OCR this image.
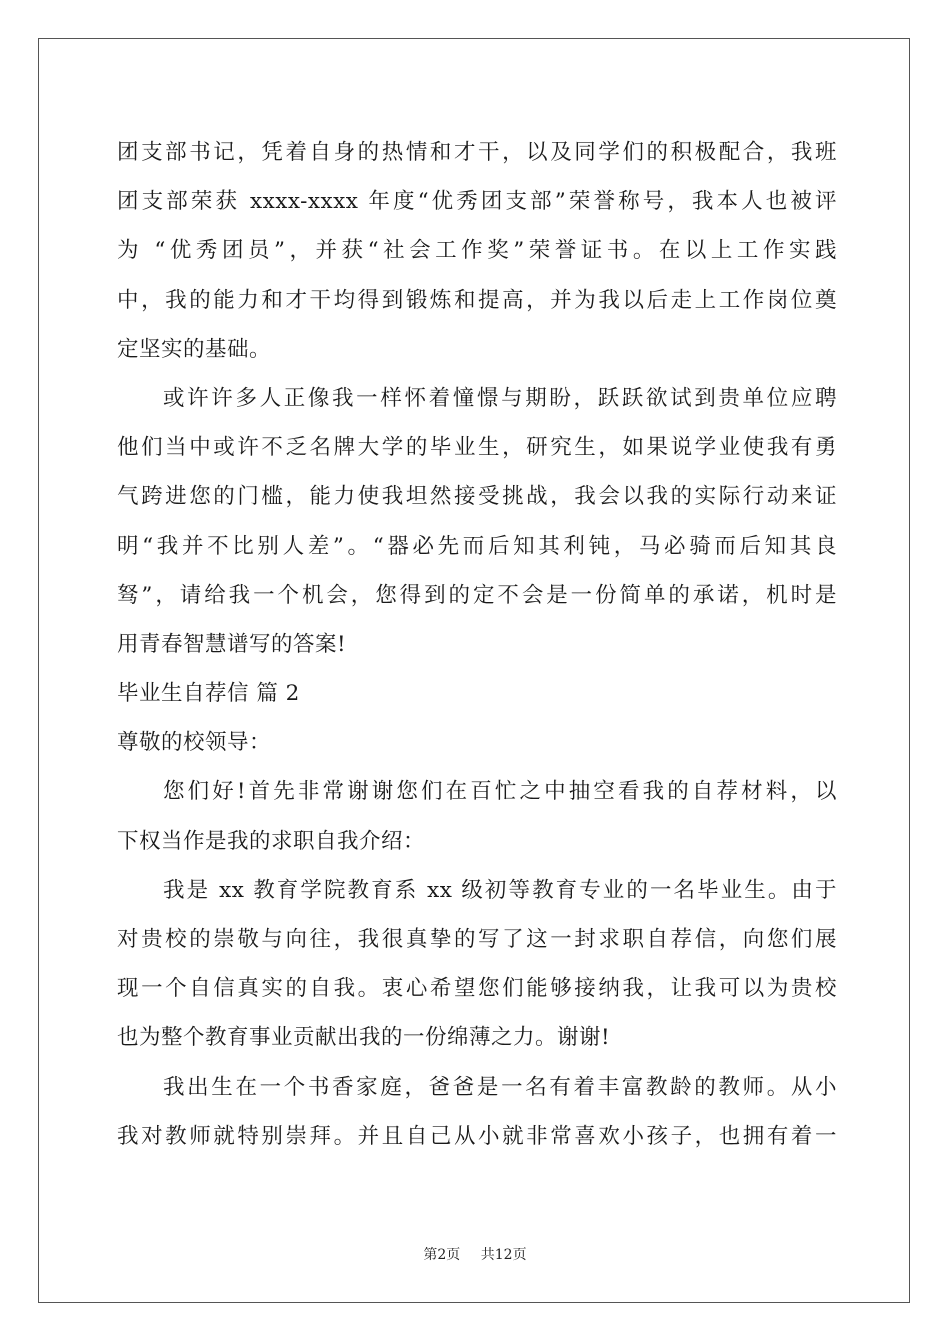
团支部书记，凭着自身的热情和才干，以及同学们的积极配合，我班
团支部荣获 xxxx-xxxx 年度“优秀团支部”荣誉称号，我本人也被评
为 “优秀团员”，并获“社会工作奖”荣誉证书。在以上工作实践
中，我的能力和才干均得到锻炼和提高，并为我以后走上工作岗位奠
定坚实的基础。
或许许多人正像我一样怀着憧憬与期盼，跃跃欲试到贵单位应聘
他们当中或许不乏名牌大学的毕业生，研究生，如果说学业使我有勇
气跨进您的门槛，能力使我坦然接受挑战，我会以我的实际行动来证
明“我并不比别人差”。“器必先而后知其利钝，马必骑而后知其良
驽”，请给我一个机会，您得到的定不会是一份简单的承诺，机时是
用青春智慧谱写的答案!
毕业生自荐信 篇 2
尊敬的校领导：
您们好!首先非常谢谢您们在百忙之中抽空看我的自荐材料，以
下权当作是我的求职自我介绍：
我是 xx 教育学院教育系 xx 级初等教育专业的一名毕业生。由于
对贵校的崇敬与向往，我很真挚的写了这一封求职自荐信，向您们展
现一个自信真实的自我。衷心希望您们能够接纳我，让我可以为贵校
也为整个教育事业贡献出我的一份绵薄之力。谢谢!
我出生在一个书香家庭，爸爸是一名有着丰富教龄的教师。从小
我对教师就特别崇拜。并且自己从小就非常喜欢小孩子，也拥有着一
第2页 共12页
